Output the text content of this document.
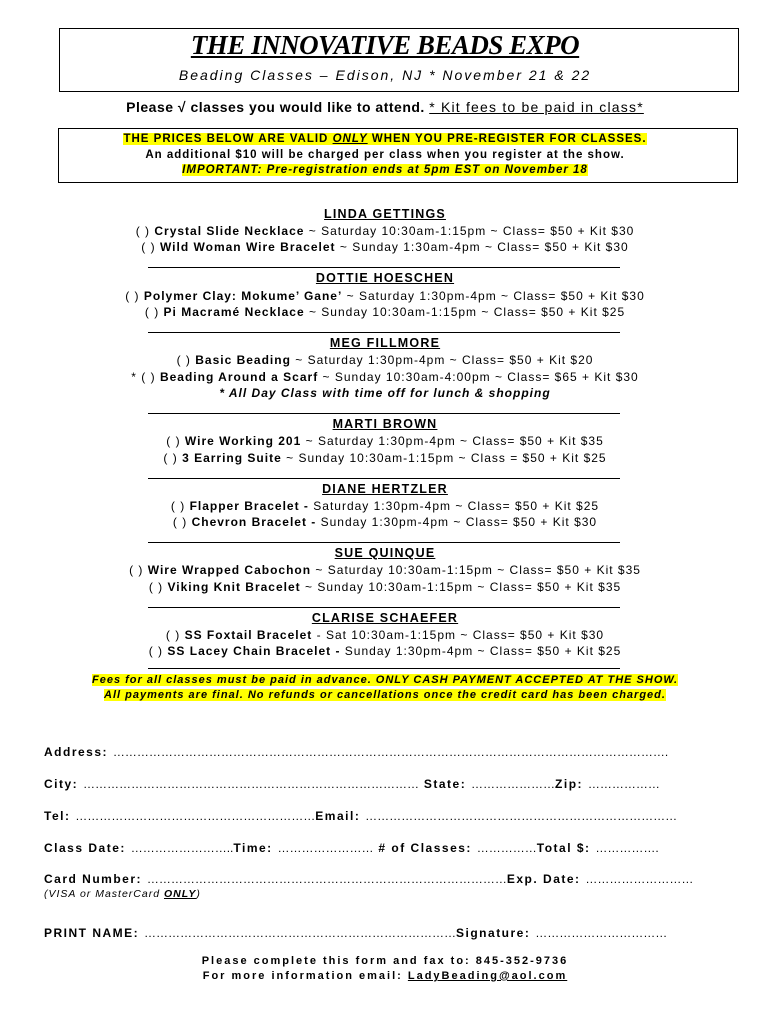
THE INNOVATIVE BEADS EXPO
Beading Classes – Edison, NJ * November 21 & 22
Please √ classes you would like to attend. * Kit fees to be paid in class*
THE PRICES BELOW ARE VALID ONLY WHEN YOU PRE-REGISTER FOR CLASSES.
An additional $10 will be charged per class when you register at the show.
IMPORTANT: Pre-registration ends at 5pm EST on November 18
LINDA GETTINGS
( ) Crystal Slide Necklace ~ Saturday 10:30am-1:15pm ~ Class= $50 + Kit $30
( ) Wild Woman Wire Bracelet ~ Sunday 1:30am-4pm ~ Class= $50 + Kit $30
DOTTIE HOESCHEN
( ) Polymer Clay: Mokume’ Gane’ ~ Saturday 1:30pm-4pm ~ Class= $50 + Kit $30
( ) Pi Macramé Necklace ~ Sunday 10:30am-1:15pm ~ Class= $50 + Kit $25
MEG FILLMORE
( ) Basic Beading ~ Saturday 1:30pm-4pm ~ Class= $50 + Kit $20
* ( ) Beading Around a Scarf ~ Sunday 10:30am-4:00pm ~ Class= $65 + Kit $30
* All Day Class with time off for lunch & shopping
MARTI BROWN
( ) Wire Working 201 ~ Saturday 1:30pm-4pm ~ Class= $50 + Kit $35
( ) 3 Earring Suite ~ Sunday 10:30am-1:15pm ~ Class = $50 + Kit $25
DIANE HERTZLER
( ) Flapper Bracelet - Saturday 1:30pm-4pm ~ Class= $50 + Kit $25
( ) Chevron Bracelet - Sunday 1:30pm-4pm ~ Class= $50 + Kit $30
SUE QUINQUE
( ) Wire Wrapped Cabochon ~ Saturday 10:30am-1:15pm ~ Class= $50 + Kit $35
( ) Viking Knit Bracelet ~ Sunday 10:30am-1:15pm ~ Class= $50 + Kit $35
CLARISE SCHAEFER
( ) SS Foxtail Bracelet - Sat 10:30am-1:15pm ~ Class= $50 + Kit $30
( ) SS Lacey Chain Bracelet - Sunday 1:30pm-4pm ~ Class= $50 + Kit $25
Fees for all classes must be paid in advance. ONLY CASH PAYMENT ACCEPTED AT THE SHOW.
All payments are final. No refunds or cancellations once the credit card has been charged.
Address: ………………………………………………………………………………………………………………………….
City: ………………………………………………………………………… State: …………………Zip: ………………
Tel: ……………………………………………………Email: ……………………………………………………………………
Class Date: ……………………..Time: …………………… # of Classes: ……………Total $: …………….
Card Number: ………………………………………………………………………………Exp. Date: ………………………
(VISA or MasterCard ONLY)
PRINT NAME: ……………………………………………………………………Signature: ……………………………
Please complete this form and fax to: 845-352-9736
For more information email: LadyBeading@aol.com
